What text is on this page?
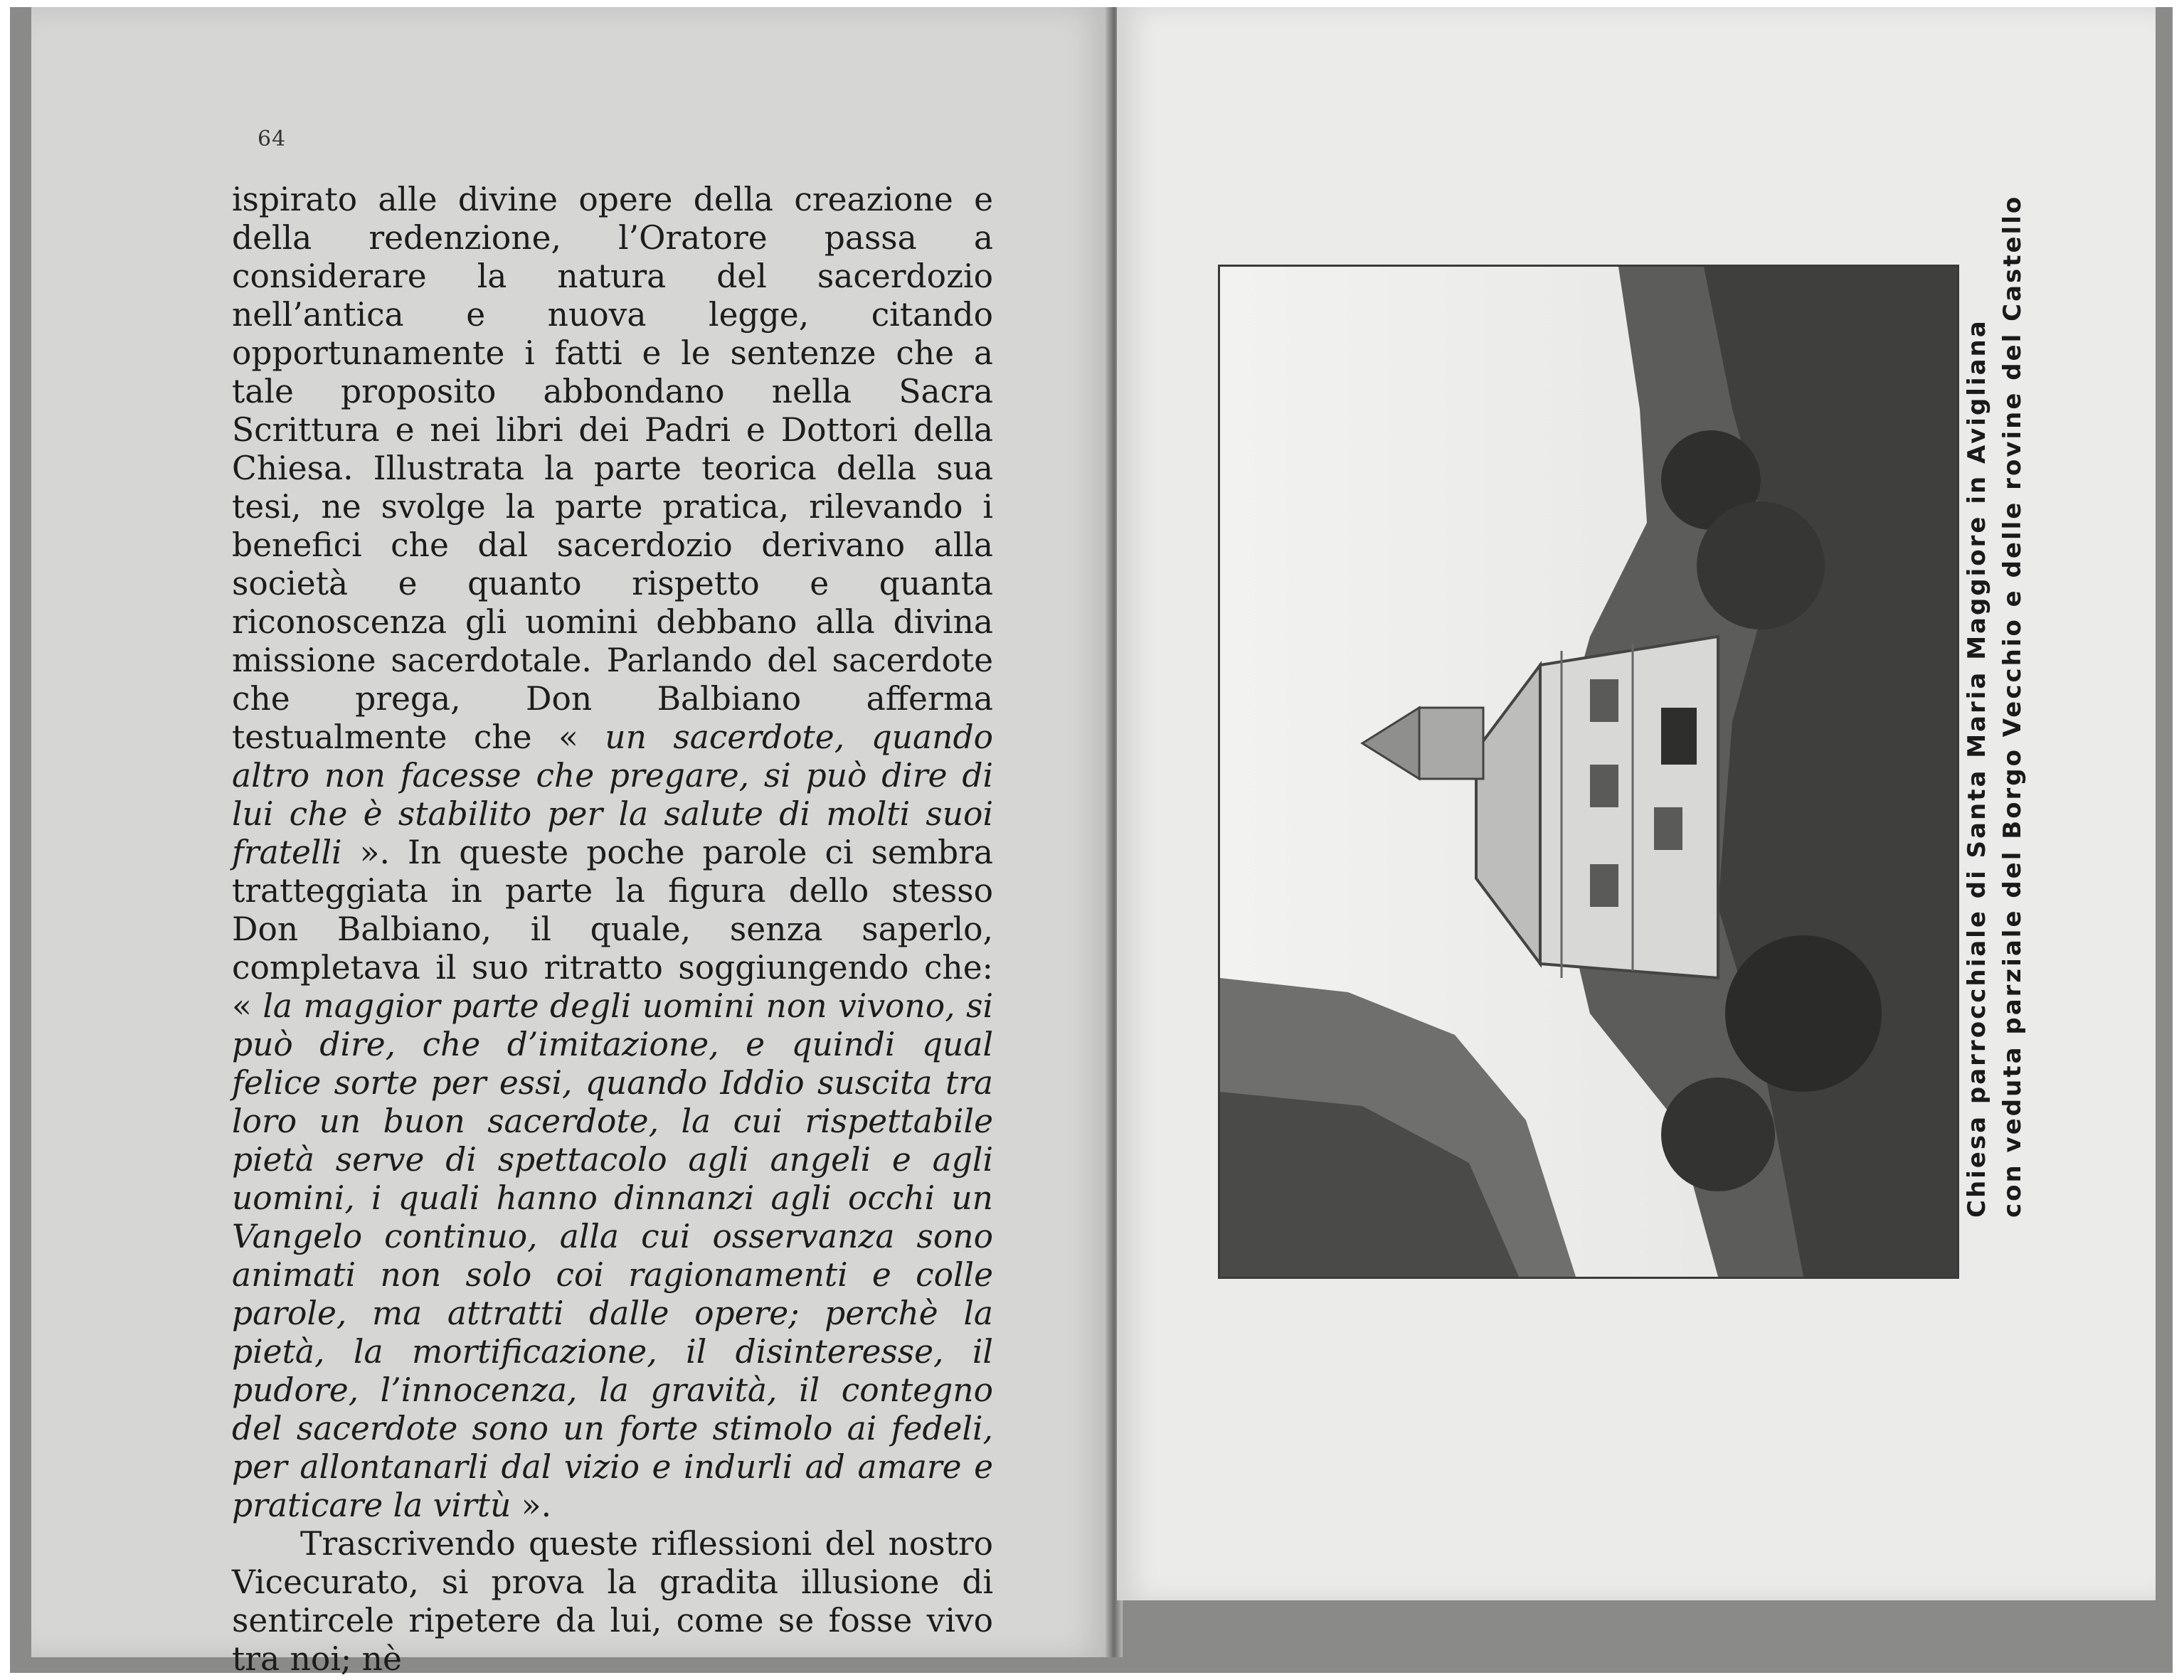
64

ispirato alle divine opere della creazione e della redenzione, l’Oratore passa a considerare la natura del sacerdozio nell’antica e nuova legge, citando opportunamente i fatti e le sentenze che a tale proposito abbondano nella Sacra Scrittura e nei libri dei Padri e Dottori della Chiesa. Illustrata la parte teorica della sua tesi, ne svolge la parte pratica, rilevando i benefici che dal sacerdozio derivano alla società e quanto rispetto e quanta riconoscenza gli uomini debbano alla divina missione sacerdotale. Parlando del sacerdote che prega, Don Balbiano afferma testualmente che « un sacerdote, quando altro non facesse che pregare, si può dire di lui che è stabilito per la salute di molti suoi fratelli ». In queste poche parole ci sembra tratteggiata in parte la figura dello stesso Don Balbiano, il quale, senza saperlo, completava il suo ritratto soggiungendo che: « la maggior parte degli uomini non vivono, si può dire, che d’imitazione, e quindi qual felice sorte per essi, quando Iddio suscita tra loro un buon sacerdote, la cui rispettabile pietà serve di spettacolo agli angeli e agli uomini, i quali hanno dinnanzi agli occhi un Vangelo continuo, alla cui osservanza sono animati non solo coi ragionamenti e colle parole, ma attratti dalle opere; perchè la pietà, la mortificazione, il disinteresse, il pudore, l’innocenza, la gravità, il contegno del sacerdote sono un forte stimolo ai fedeli, per allontanarli dal vizio e indurli ad amare e praticare la virtù ».

Trascrivendo queste riflessioni del nostro Vicecurato, si prova la gradita illusione di sentircele ripetere da lui, come se fosse vivo tra noi; nè

Chiesa parrocchiale di Santa Maria Maggiore in Avigliana con veduta parziale del Borgo Vecchio e delle rovine del Castello
